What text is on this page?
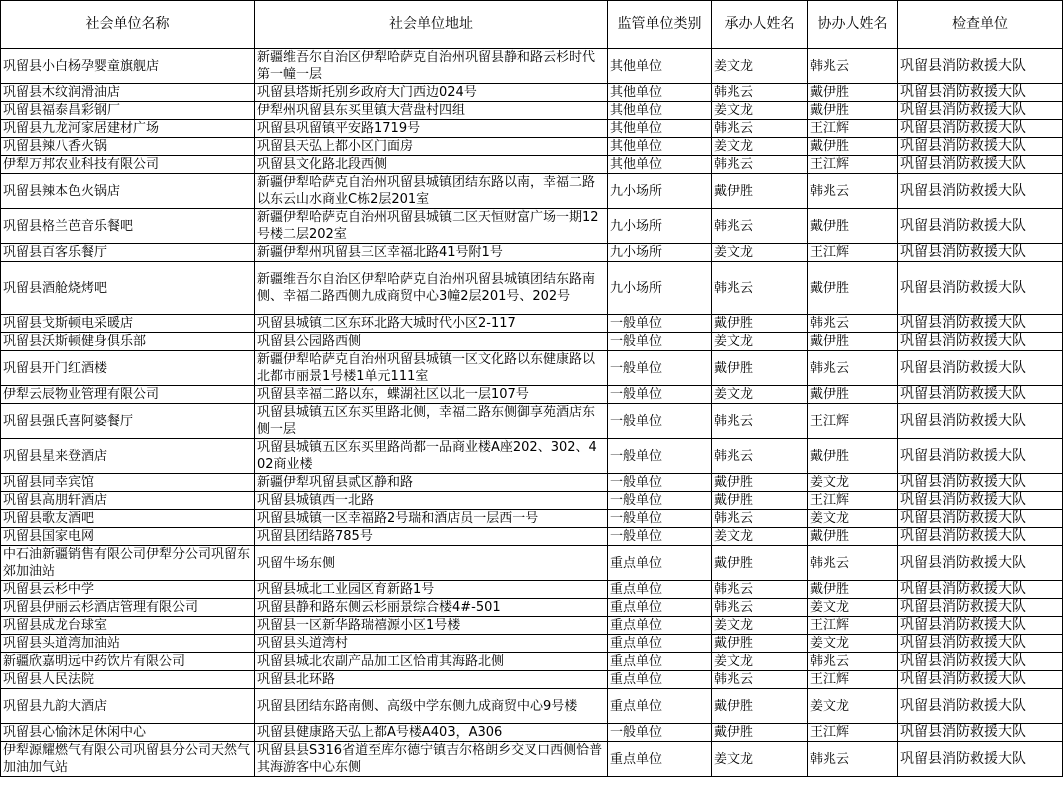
社会单位名称	社会单位地址	监管单位类别	承办人姓名	协办人姓名	检查单位
巩留县小白杨孕婴童旗舰店	新疆维吾尔自治区伊犁哈萨克自治州巩留县静和路云杉时代第一幢一层	其他单位	姜文龙	韩兆云	巩留县消防救援大队
巩留县木纹润滑油店	巩留县塔斯托别乡政府大门西边024号	其他单位	韩兆云	戴伊胜	巩留县消防救援大队
巩留县福泰昌彩钢厂	伊犁州巩留县东买里镇大营盘村四组	其他单位	姜文龙	戴伊胜	巩留县消防救援大队
巩留县九龙河家居建材广场	巩留县巩留镇平安路1719号	其他单位	韩兆云	王江辉	巩留县消防救援大队
巩留县辣八香火锅	巩留县天弘上都小区门面房	其他单位	姜文龙	戴伊胜	巩留县消防救援大队
伊犁万邦农业科技有限公司	巩留县文化路北段西侧	其他单位	韩兆云	王江辉	巩留县消防救援大队
巩留县辣本色火锅店	新疆伊犁哈萨克自治州巩留县城镇团结东路以南，幸福二路以东云山水商业C栋2层201室	九小场所	戴伊胜	韩兆云	巩留县消防救援大队
巩留县格兰芭音乐餐吧	新疆伊犁哈萨克自治州巩留县城镇二区天恒财富广场一期12号楼二层202室	九小场所	韩兆云	戴伊胜	巩留县消防救援大队
巩留县百客乐餐厅	新疆伊犁州巩留县三区幸福北路41号附1号	九小场所	姜文龙	王江辉	巩留县消防救援大队
巩留县酒舱烧烤吧	新疆维吾尔自治区伊犁哈萨克自治州巩留县城镇团结东路南侧、幸福二路西侧九成商贸中心3幢2层201号、202号	九小场所	韩兆云	戴伊胜	巩留县消防救援大队
巩留县戈斯顿电采暖店	巩留县城镇二区东环北路大城时代小区2-117	一般单位	戴伊胜	韩兆云	巩留县消防救援大队
巩留县沃斯顿健身俱乐部	巩留县公园路西侧	一般单位	姜文龙	戴伊胜	巩留县消防救援大队
巩留县开门红酒楼	新疆伊犁哈萨克自治州巩留县城镇一区文化路以东健康路以北都市丽景1号楼1单元111室	一般单位	戴伊胜	韩兆云	巩留县消防救援大队
伊犁云辰物业管理有限公司	巩留县幸福二路以东，蝶湖社区以北一层107号	一般单位	姜文龙	戴伊胜	巩留县消防救援大队
巩留县强氏喜阿婆餐厅	巩留县城镇五区东买里路北侧，幸福二路东侧御享苑酒店东侧一层	一般单位	韩兆云	王江辉	巩留县消防救援大队
巩留县星来登酒店	巩留县城镇五区东买里路尚都一品商业楼A座202、302、402商业楼	一般单位	韩兆云	戴伊胜	巩留县消防救援大队
巩留县同幸宾馆	新疆伊犁巩留县贰区静和路	一般单位	戴伊胜	姜文龙	巩留县消防救援大队
巩留县高朋轩酒店	巩留县城镇西一北路	一般单位	戴伊胜	王江辉	巩留县消防救援大队
巩留县歌友酒吧	巩留县城镇一区幸福路2号瑞和酒店员一层西一号	一般单位	韩兆云	姜文龙	巩留县消防救援大队
巩留县国家电网	巩留县团结路785号	一般单位	姜文龙	戴伊胜	巩留县消防救援大队
中石油新疆销售有限公司伊犁分公司巩留东郊加油站	巩留牛场东侧	重点单位	戴伊胜	韩兆云	巩留县消防救援大队
巩留县云杉中学	巩留县城北工业园区育新路1号	重点单位	韩兆云	戴伊胜	巩留县消防救援大队
巩留县伊丽云杉酒店管理有限公司	巩留县静和路东侧云杉丽景综合楼4#-501	重点单位	韩兆云	姜文龙	巩留县消防救援大队
巩留县成龙台球室	巩留县一区新华路瑞禧源小区1号楼	重点单位	姜文龙	王江辉	巩留县消防救援大队
巩留县头道湾加油站	巩留县头道湾村	重点单位	戴伊胜	姜文龙	巩留县消防救援大队
新疆欣嘉明远中药饮片有限公司	巩留县城北农副产品加工区恰甫其海路北侧	重点单位	姜文龙	韩兆云	巩留县消防救援大队
巩留县人民法院	巩留县北环路	重点单位	韩兆云	王江辉	巩留县消防救援大队
巩留县九韵大酒店	巩留县团结东路南侧、高级中学东侧九成商贸中心9号楼	重点单位	戴伊胜	姜文龙	巩留县消防救援大队
巩留县心愉沐足休闲中心	巩留县健康路天弘上都A号楼A403，A306	一般单位	戴伊胜	王江辉	巩留县消防救援大队
伊犁源耀燃气有限公司巩留县分公司天然气加油加气站	巩留县县S316省道至库尔德宁镇吉尔格朗乡交叉口西侧恰普其海游客中心东侧	重点单位	姜文龙	韩兆云	巩留县消防救援大队
